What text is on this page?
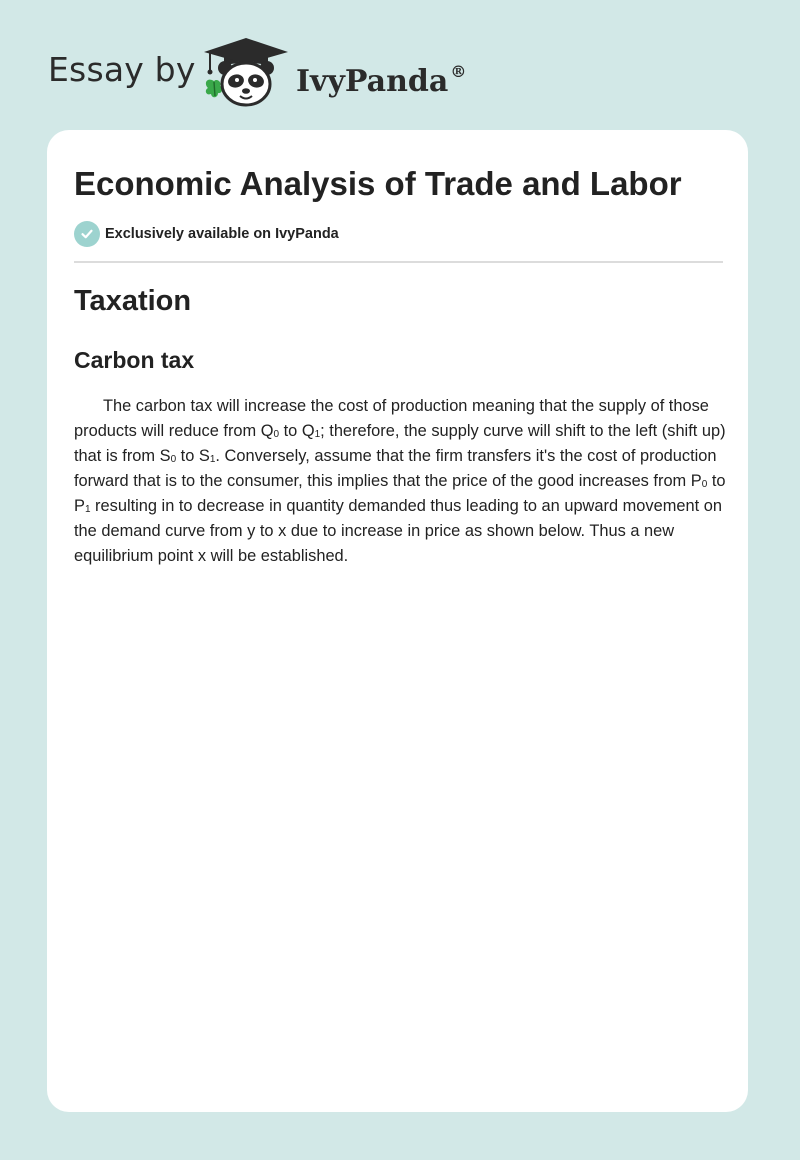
Essay by	IvyPanda ®
Economic Analysis of Trade and Labor
Exclusively available on IvyPanda
Taxation
Carbon tax

The carbon tax will increase the cost of production meaning that the supply of those products will reduce from $Q_0$ to $Q_1$; therefore, the supply curve will shift to the left (shift up) that is from $S_0$ to $S_1$. Conversely, assume that the firm transfers it's the cost of production forward that is to the consumer, this implies that the price of the good increases from $P_0$ to $P_1$ resulting in to decrease in quantity demanded thus leading to an upward movement on the demand curve from y to x due to increase in price as shown below. Thus a new equilibrium point x will be established.
